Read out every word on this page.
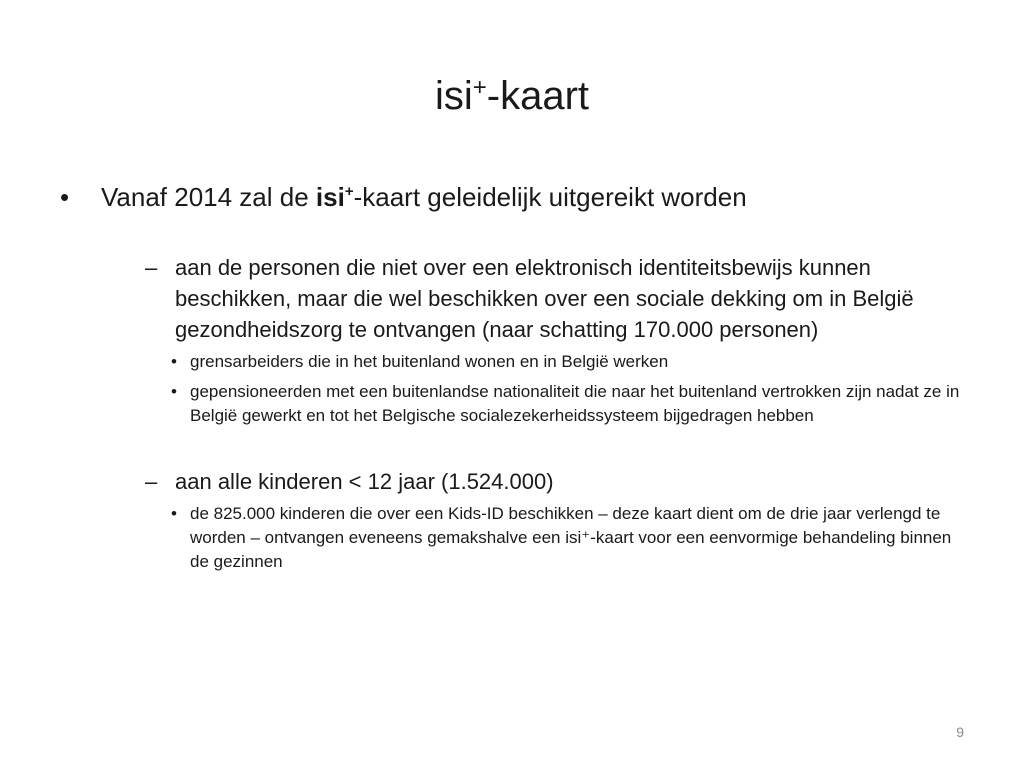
isi+-kaart
• Vanaf 2014 zal de isi+-kaart geleidelijk uitgereikt worden
– aan de personen die niet over een elektronisch identiteitsbewijs kunnen beschikken, maar die wel beschikken over een sociale dekking om in België gezondheidszorg te ontvangen (naar schatting 170.000 personen)
• grensarbeiders die in het buitenland wonen en in België werken
• gepensioneerden met een buitenlandse nationaliteit die naar het buitenland vertrokken zijn nadat ze in België gewerkt en tot het Belgische socialezekerheidssysteem bijgedragen hebben
– aan alle kinderen < 12 jaar (1.524.000)
• de 825.000 kinderen die over een Kids-ID beschikken – deze kaart dient om de drie jaar verlengd te worden – ontvangen eveneens gemakshalve een isi⁺-kaart voor een eenvormige behandeling binnen de gezinnen
9
